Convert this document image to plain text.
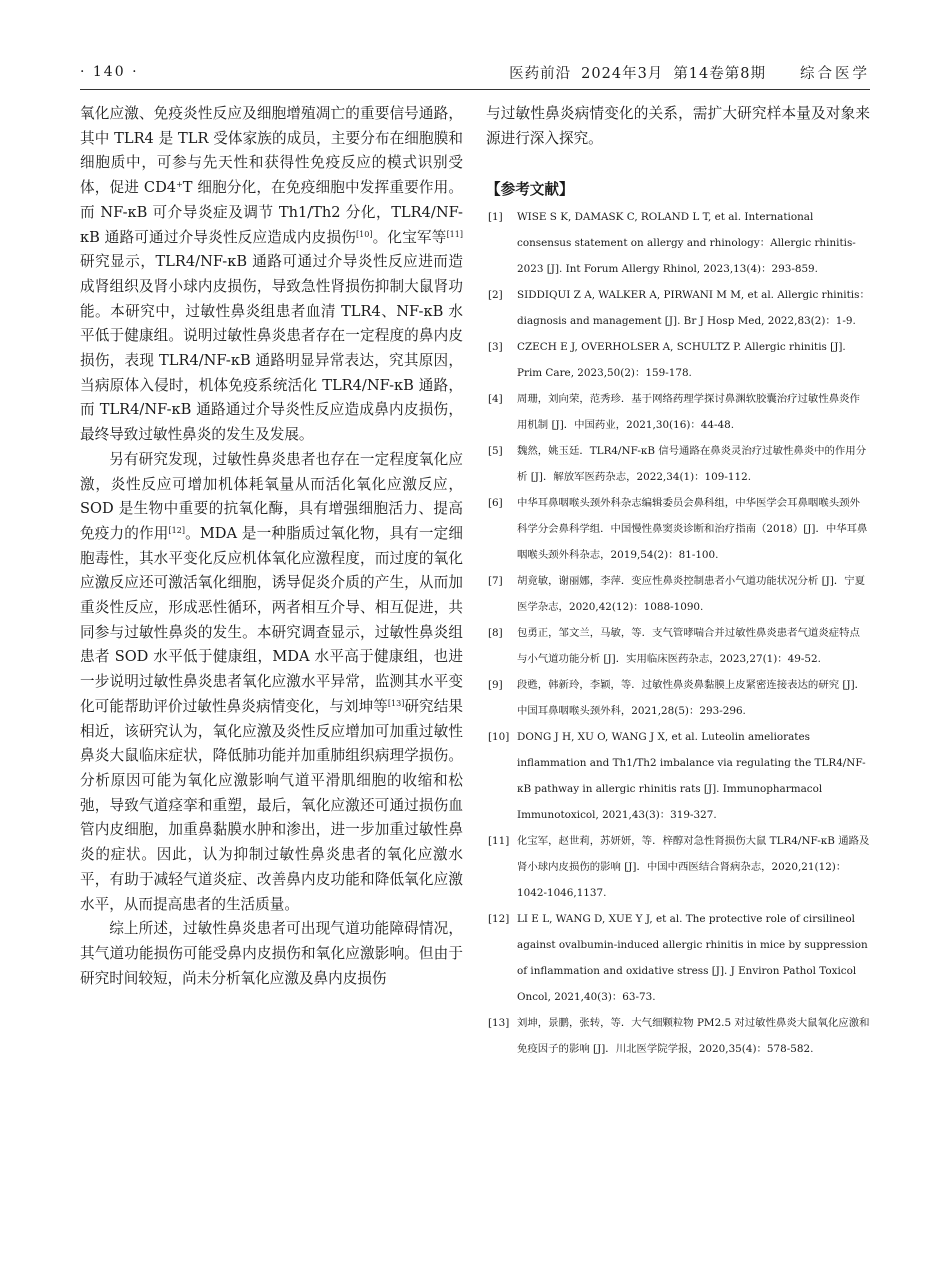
· 140 ·	医药前沿 2024年3月 第14卷第8期 综合医学

氧化应激、免疫炎性反应及细胞增殖凋亡的重要信号通路，其中 TLR4 是 TLR 受体家族的成员，主要分布在细胞膜和细胞质中，可参与先天性和获得性免疫反应的模式识别受体，促进 CD4+T 细胞分化，在免疫细胞中发挥重要作用。而 NF-κB 可介导炎症及调节 Th1/Th2 分化，TLR4/NF-κB 通路可通过介导炎性反应造成内皮损伤[10]。化宝军等[11]研究显示，TLR4/NF-κB 通路可通过介导炎性反应进而造成肾组织及肾小球内皮损伤，导致急性肾损伤抑制大鼠肾功能。本研究中，过敏性鼻炎组患者血清 TLR4、NF-κB 水平低于健康组。说明过敏性鼻炎患者存在一定程度的鼻内皮损伤，表现 TLR4/NF-κB 通路明显异常表达，究其原因，当病原体入侵时，机体免疫系统活化 TLR4/NF-κB 通路，而 TLR4/NF-κB 通路通过介导炎性反应造成鼻内皮损伤，最终导致过敏性鼻炎的发生及发展。

另有研究发现，过敏性鼻炎患者也存在一定程度氧化应激，炎性反应可增加机体耗氧量从而活化氧化应激反应，SOD 是生物中重要的抗氧化酶，具有增强细胞活力、提高免疫力的作用[12]。MDA 是一种脂质过氧化物，具有一定细胞毒性，其水平变化反应机体氧化应激程度，而过度的氧化应激反应还可激活氧化细胞，诱导促炎介质的产生，从而加重炎性反应，形成恶性循环，两者相互介导、相互促进，共同参与过敏性鼻炎的发生。本研究调查显示，过敏性鼻炎组患者 SOD 水平低于健康组，MDA 水平高于健康组，也进一步说明过敏性鼻炎患者氧化应激水平异常，监测其水平变化可能帮助评价过敏性鼻炎病情变化，与刘坤等[13]研究结果相近，该研究认为，氧化应激及炎性反应增加可加重过敏性鼻炎大鼠临床症状，降低肺功能并加重肺组织病理学损伤。分析原因可能为氧化应激影响气道平滑肌细胞的收缩和松弛，导致气道痉挛和重塑，最后，氧化应激还可通过损伤血管内皮细胞，加重鼻黏膜水肿和渗出，进一步加重过敏性鼻炎的症状。因此，认为抑制过敏性鼻炎患者的氧化应激水平，有助于减轻气道炎症、改善鼻内皮功能和降低氧化应激水平，从而提高患者的生活质量。

综上所述，过敏性鼻炎患者可出现气道功能障碍情况，其气道功能损伤可能受鼻内皮损伤和氧化应激影响。但由于研究时间较短，尚未分析氧化应激及鼻内皮损伤

与过敏性鼻炎病情变化的关系，需扩大研究样本量及对象来源进行深入探究。

【参考文献】
[1] WISE S K, DAMASK C, ROLAND L T, et al. International consensus statement on allergy and rhinology：Allergic rhinitis-2023 [J]. Int Forum Allergy Rhinol, 2023,13(4)：293-859.
[2] SIDDIQUI Z A, WALKER A, PIRWANI M M, et al. Allergic rhinitis：diagnosis and management [J]. Br J Hosp Med, 2022,83(2)：1-9.
[3] CZECH E J, OVERHOLSER A, SCHULTZ P. Allergic rhinitis [J]. Prim Care, 2023,50(2)：159-178.
[4] 周珊，刘向荣，范秀珍．基于网络药理学探讨鼻渊软胶囊治疗过敏性鼻炎作用机制 [J]．中国药业，2021,30(16)：44-48.
[5] 魏然，姚玉廷．TLR4/NF-κB 信号通路在鼻炎灵治疗过敏性鼻炎中的作用分析 [J]．解放军医药杂志，2022,34(1)：109-112.
[6] 中华耳鼻咽喉头颈外科杂志编辑委员会鼻科组，中华医学会耳鼻咽喉头颈外科学分会鼻科学组．中国慢性鼻窦炎诊断和治疗指南（2018）[J]．中华耳鼻咽喉头颈外科杂志，2019,54(2)：81-100.
[7] 胡竟敏，谢丽娜，李萍．变应性鼻炎控制患者小气道功能状况分析 [J]．宁夏医学杂志，2020,42(12)：1088-1090.
[8] 包勇正，邹文兰，马敏，等．支气管哮喘合并过敏性鼻炎患者气道炎症特点与小气道功能分析 [J]．实用临床医药杂志，2023,27(1)：49-52.
[9] 段甦，韩新玲，李颖，等．过敏性鼻炎鼻黏膜上皮紧密连接表达的研究 [J]．中国耳鼻咽喉头颈外科，2021,28(5)：293-296.
[10] DONG J H, XU O, WANG J X, et al. Luteolin ameliorates inflammation and Th1/Th2 imbalance via regulating the TLR4/NF-κB pathway in allergic rhinitis rats [J]. Immunopharmacol Immunotoxicol, 2021,43(3)：319-327.
[11] 化宝军，赵世莉，苏妍妍，等．梓醇对急性肾损伤大鼠 TLR4/NF-κB 通路及肾小球内皮损伤的影响 [J]．中国中西医结合肾病杂志，2020,21(12)：1042-1046,1137.
[12] LI E L, WANG D, XUE Y J, et al. The protective role of cirsilineol against ovalbumin-induced allergic rhinitis in mice by suppression of inflammation and oxidative stress [J]. J Environ Pathol Toxicol Oncol, 2021,40(3)：63-73.
[13] 刘坤，景鹏，张转，等．大气细颗粒物 PM2.5 对过敏性鼻炎大鼠氧化应激和免疫因子的影响 [J]．川北医学院学报，2020,35(4)：578-582.
